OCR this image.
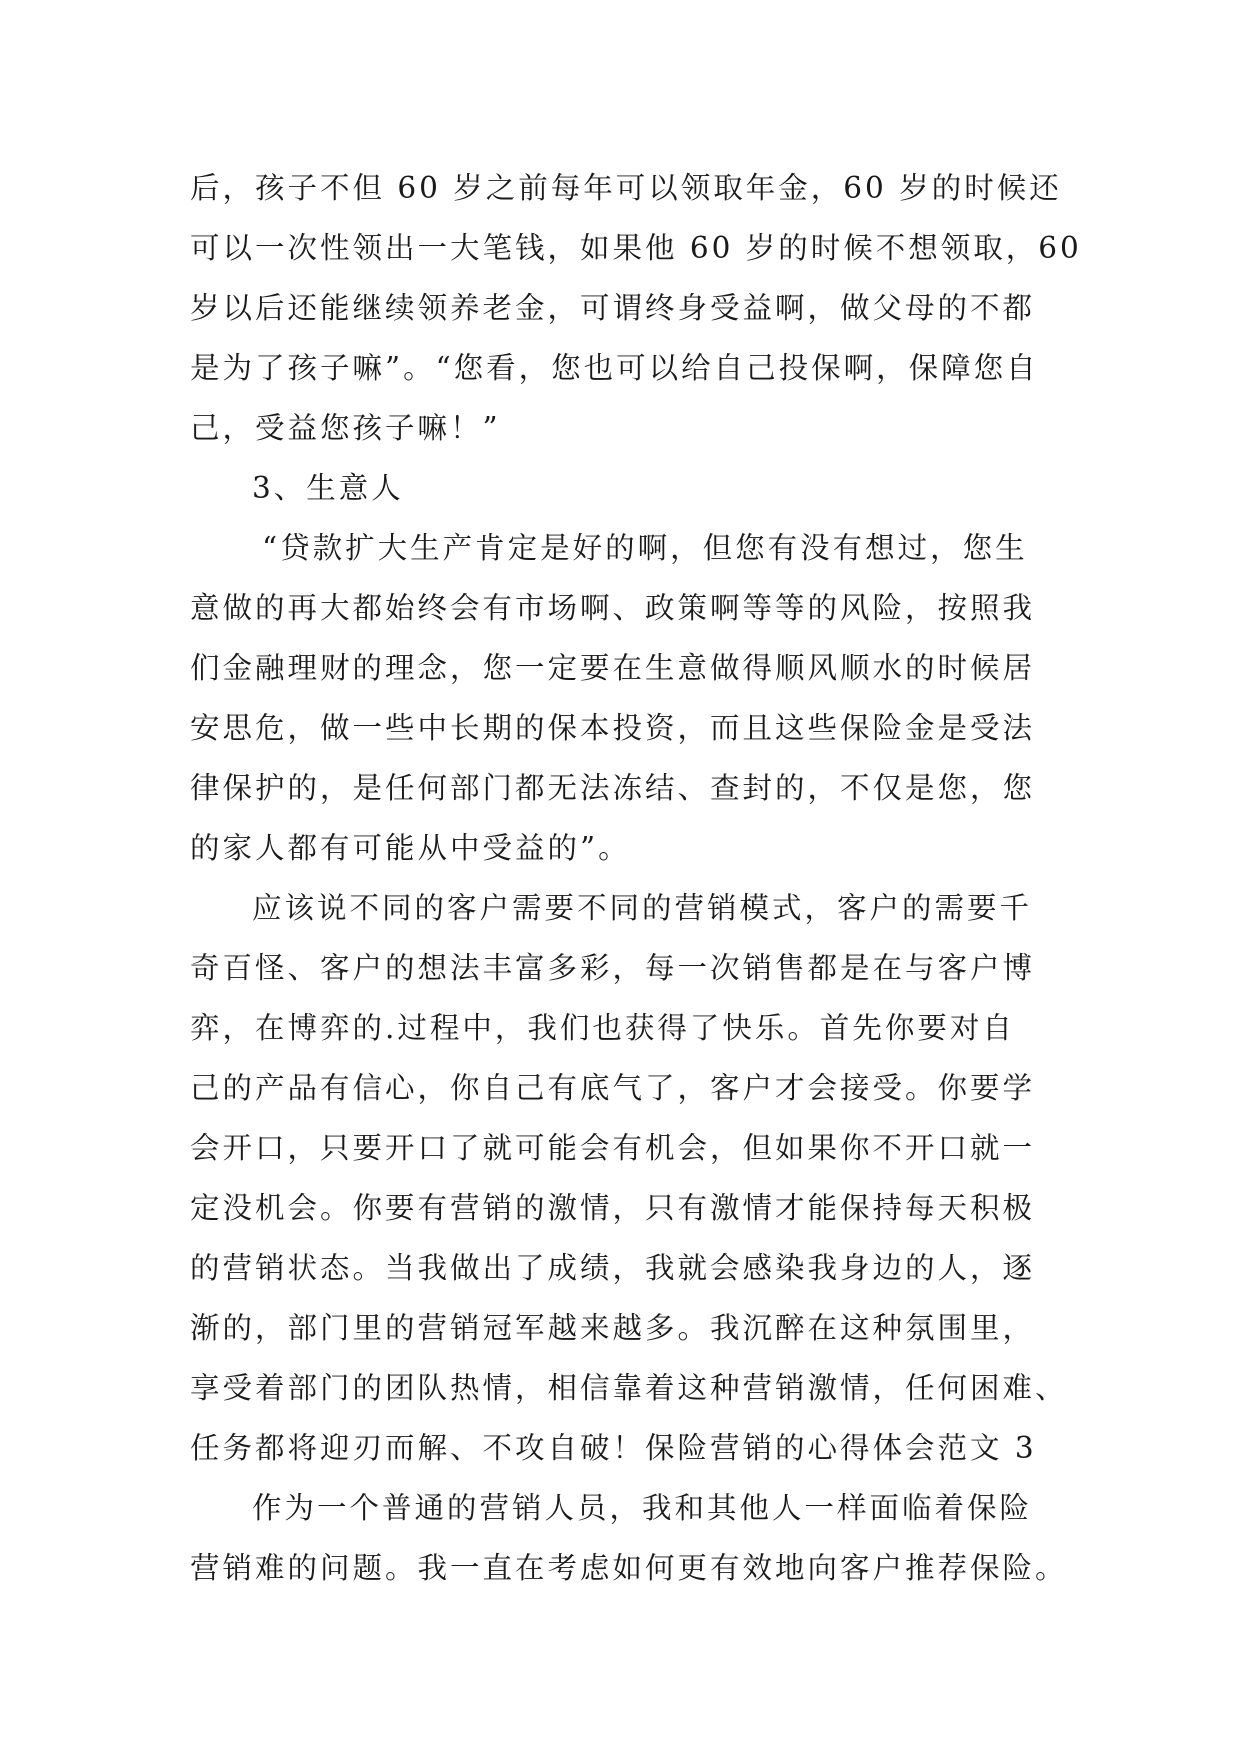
后，孩子不但 60 岁之前每年可以领取年金，60 岁的时候还
可以一次性领出一大笔钱，如果他 60 岁的时候不想领取，60
岁以后还能继续领养老金，可谓终身受益啊，做父母的不都
是为了孩子嘛”。“您看，您也可以给自己投保啊，保障您自
己，受益您孩子嘛！”
3、生意人
“贷款扩大生产肯定是好的啊，但您有没有想过，您生
意做的再大都始终会有市场啊、政策啊等等的风险，按照我
们金融理财的理念，您一定要在生意做得顺风顺水的时候居
安思危，做一些中长期的保本投资，而且这些保险金是受法
律保护的，是任何部门都无法冻结、查封的，不仅是您，您
的家人都有可能从中受益的”。
应该说不同的客户需要不同的营销模式，客户的需要千
奇百怪、客户的想法丰富多彩，每一次销售都是在与客户博
弈，在博弈的.过程中，我们也获得了快乐。首先你要对自
己的产品有信心，你自己有底气了，客户才会接受。你要学
会开口，只要开口了就可能会有机会，但如果你不开口就一
定没机会。你要有营销的激情，只有激情才能保持每天积极
的营销状态。当我做出了成绩，我就会感染我身边的人，逐
渐的，部门里的营销冠军越来越多。我沉醉在这种氛围里，
享受着部门的团队热情，相信靠着这种营销激情，任何困难、
任务都将迎刃而解、不攻自破！保险营销的心得体会范文 3
作为一个普通的营销人员，我和其他人一样面临着保险
营销难的问题。我一直在考虑如何更有效地向客户推荐保险。
